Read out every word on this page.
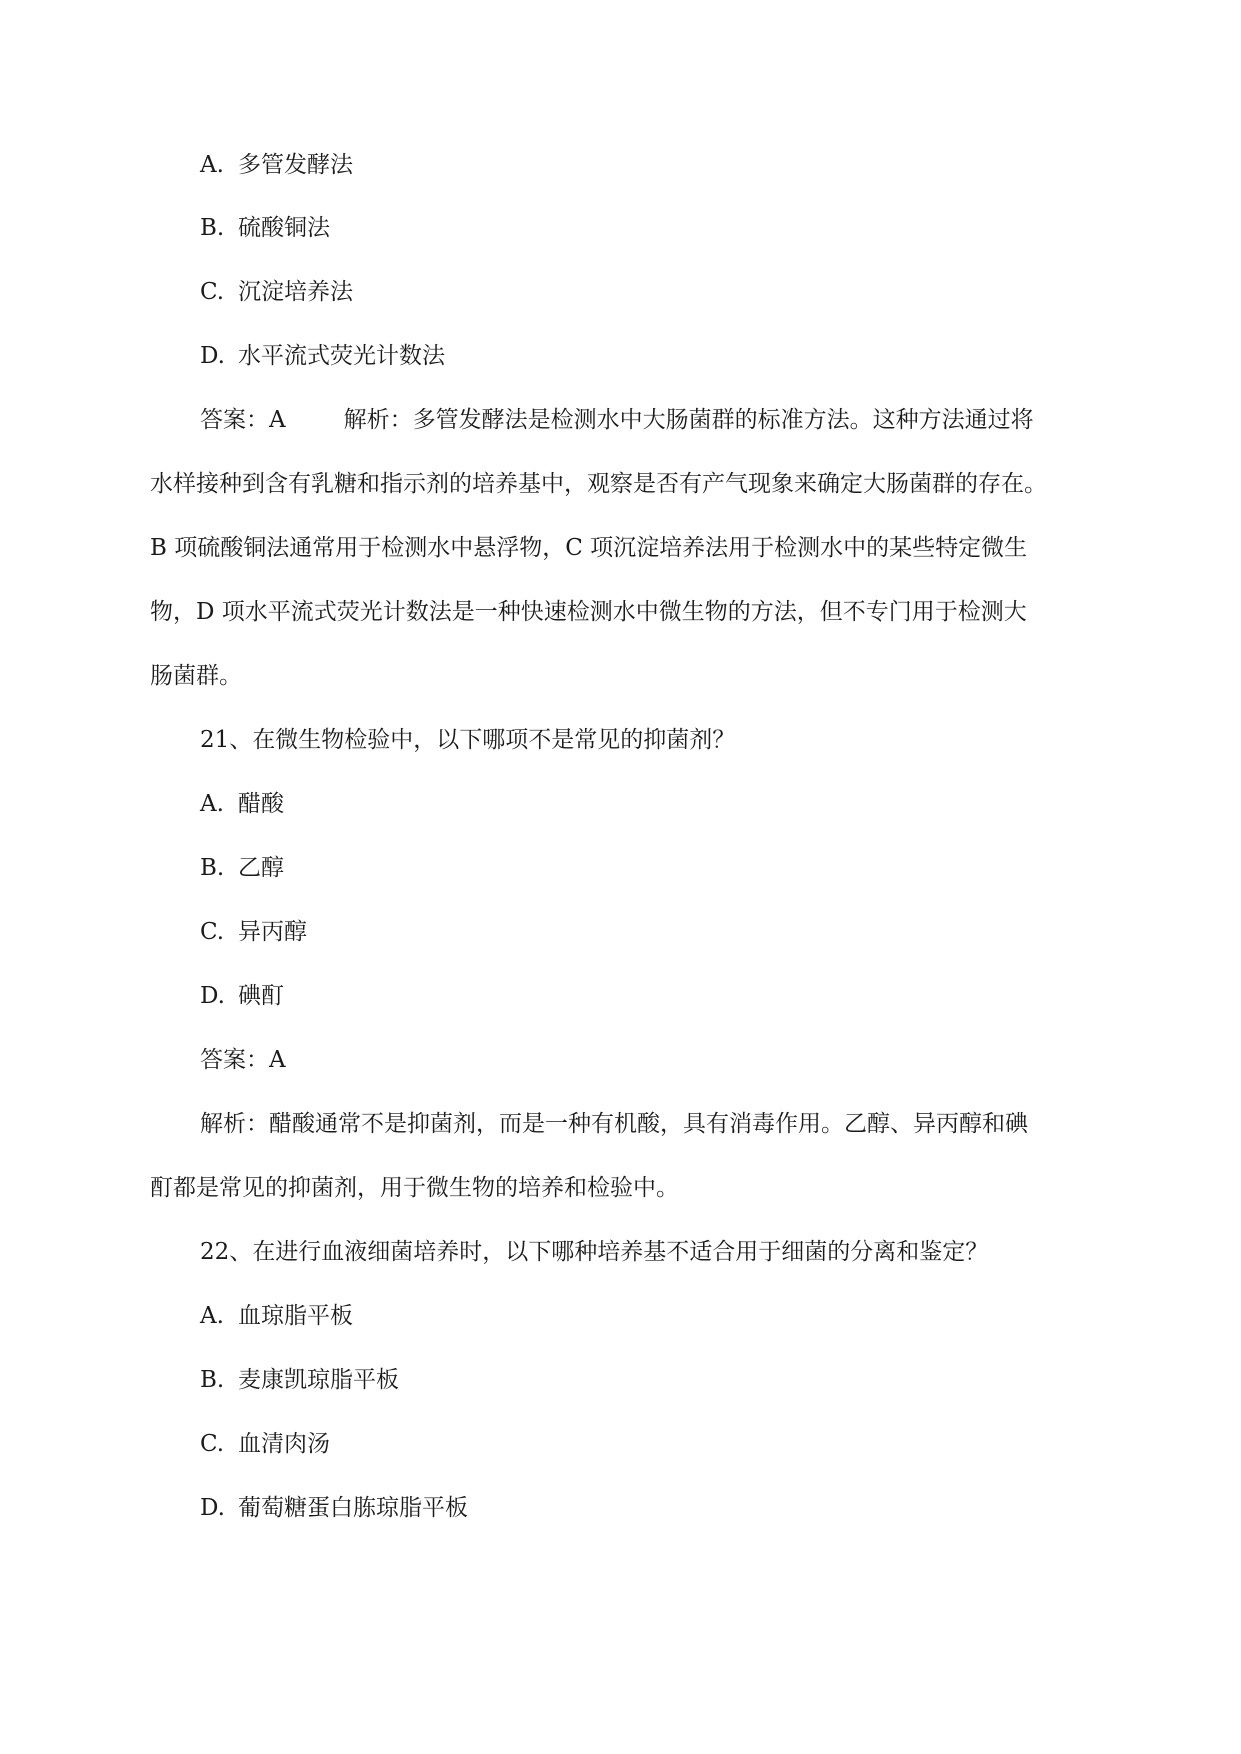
A. 多管发酵法
B. 硫酸铜法
C. 沉淀培养法
D. 水平流式荧光计数法
答案：A	解析：多管发酵法是检测水中大肠菌群的标准方法。这种方法通过将
水样接种到含有乳糖和指示剂的培养基中，观察是否有产气现象来确定大肠菌群的存在。
B 项硫酸铜法通常用于检测水中悬浮物，C 项沉淀培养法用于检测水中的某些特定微生
物，D 项水平流式荧光计数法是一种快速检测水中微生物的方法，但不专门用于检测大
肠菌群。
21、在微生物检验中，以下哪项不是常见的抑菌剂？
A. 醋酸
B. 乙醇
C. 异丙醇
D. 碘酊
答案：A
解析：醋酸通常不是抑菌剂，而是一种有机酸，具有消毒作用。乙醇、异丙醇和碘
酊都是常见的抑菌剂，用于微生物的培养和检验中。
22、在进行血液细菌培养时，以下哪种培养基不适合用于细菌的分离和鉴定？
A. 血琼脂平板
B. 麦康凯琼脂平板
C. 血清肉汤
D. 葡萄糖蛋白胨琼脂平板
